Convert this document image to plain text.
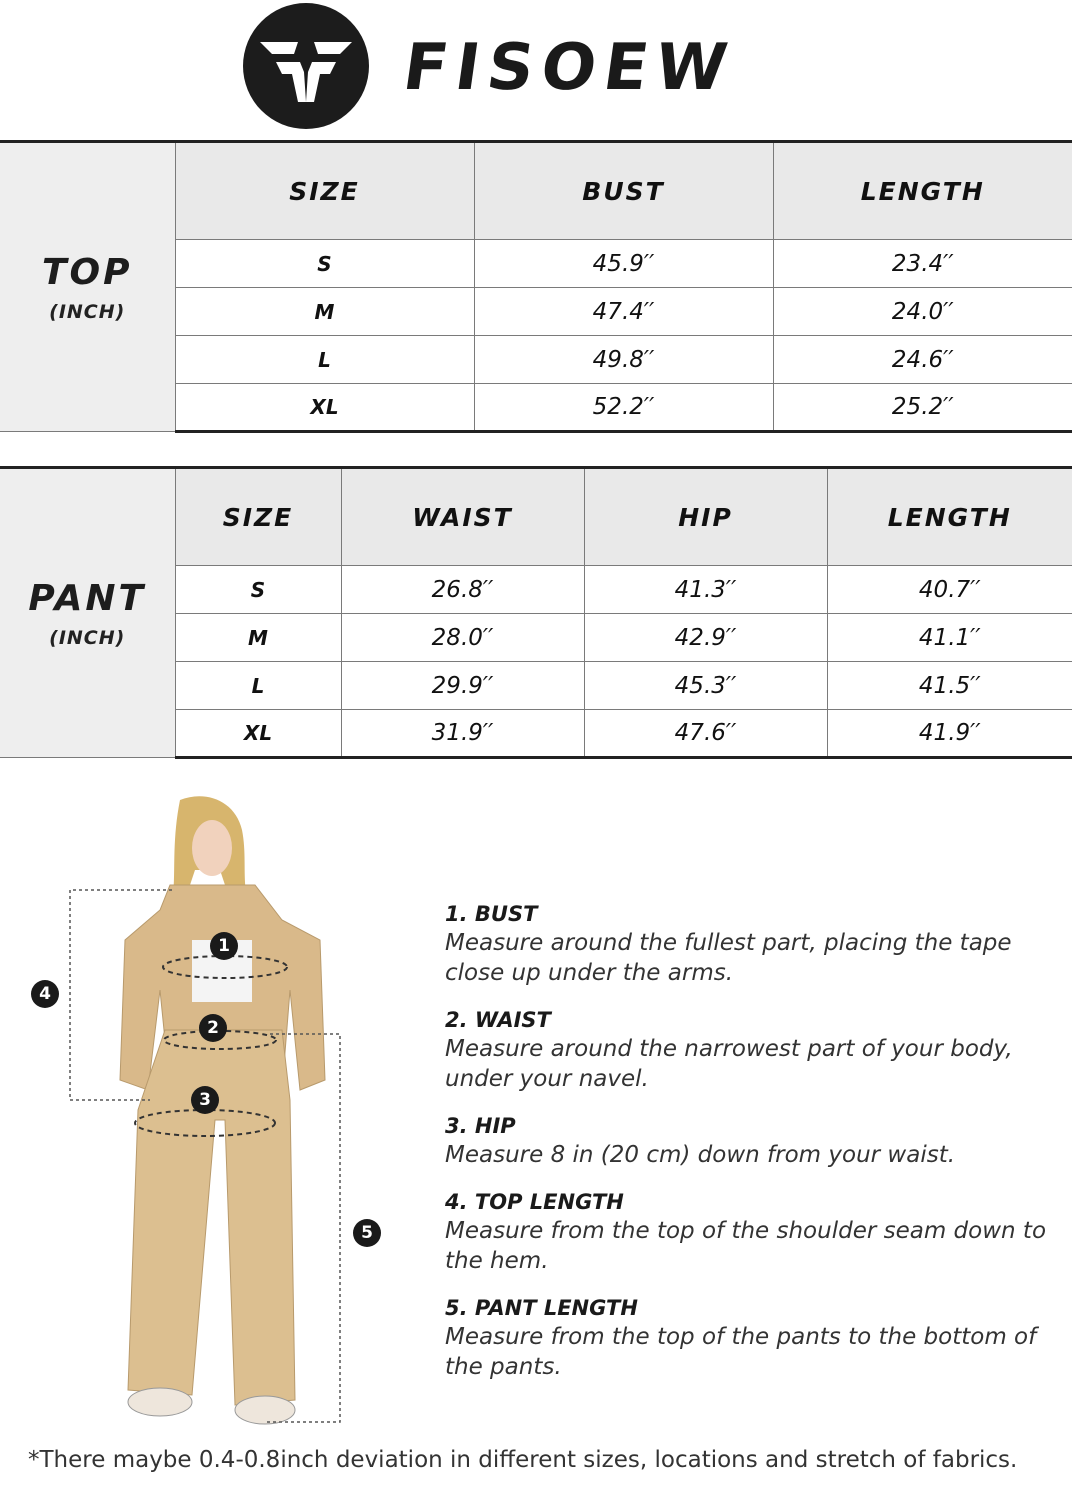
FISOEW
TOP
(INCH)	SIZE	BUST	LENGTH
	S	45.9′′	23.4′′
	M	47.4′′	24.0′′
	L	49.8′′	24.6′′
	XL	52.2′′	25.2′′
PANT
(INCH)	SIZE	WAIST	HIP	LENGTH
	S	26.8′′	41.3′′	40.7′′
	M	28.0′′	42.9′′	41.1′′
	L	29.9′′	45.3′′	41.5′′
	XL	31.9′′	47.6′′	41.9′′
1
2
3
4
5
1. BUST
Measure around the fullest part, placing the tape close up under the arms.
2. WAIST
Measure around the narrowest part of your body, under your navel.
3. HIP
Measure 8 in (20 cm) down from your waist.
4. TOP LENGTH
Measure from the top of the shoulder seam down to the hem.
5. PANT LENGTH
Measure from the top of the pants to the bottom of the pants.
*There maybe 0.4-0.8inch deviation in different sizes, locations and stretch of fabrics.
